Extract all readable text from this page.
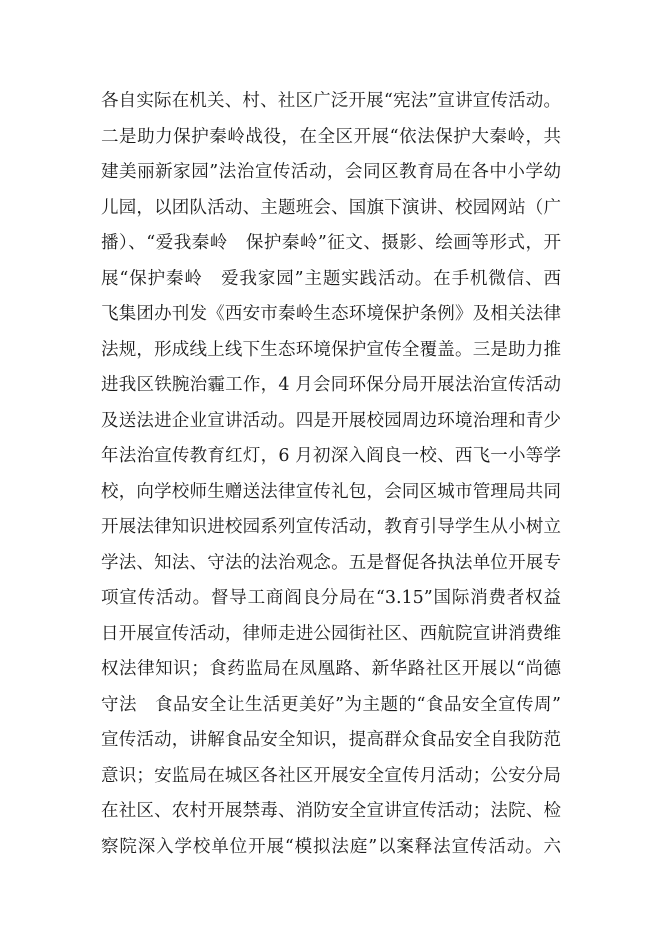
各自实际在机关、村、社区广泛开展“宪法”宣讲宣传活动。
二是助力保护秦岭战役，在全区开展“依法保护大秦岭，共
建美丽新家园”法治宣传活动，会同区教育局在各中小学幼
儿园，以团队活动、主题班会、国旗下演讲、校园网站（广
播）、“爱我秦岭　保护秦岭”征文、摄影、绘画等形式，开
展“保护秦岭　爱我家园”主题实践活动。在手机微信、西
飞集团办刊发《西安市秦岭生态环境保护条例》及相关法律
法规，形成线上线下生态环境保护宣传全覆盖。三是助力推
进我区铁腕治霾工作，4 月会同环保分局开展法治宣传活动
及送法进企业宣讲活动。四是开展校园周边环境治理和青少
年法治宣传教育红灯，6 月初深入阎良一校、西飞一小等学
校，向学校师生赠送法律宣传礼包，会同区城市管理局共同
开展法律知识进校园系列宣传活动，教育引导学生从小树立
学法、知法、守法的法治观念。五是督促各执法单位开展专
项宣传活动。督导工商阎良分局在“3.15”国际消费者权益
日开展宣传活动，律师走进公园街社区、西航院宣讲消费维
权法律知识；食药监局在凤凰路、新华路社区开展以“尚德
守法　食品安全让生活更美好”为主题的“食品安全宣传周”
宣传活动，讲解食品安全知识，提高群众食品安全自我防范
意识；安监局在城区各社区开展安全宣传月活动；公安分局
在社区、农村开展禁毒、消防安全宣讲宣传活动；法院、检
察院深入学校单位开展“模拟法庭”以案释法宣传活动。六
